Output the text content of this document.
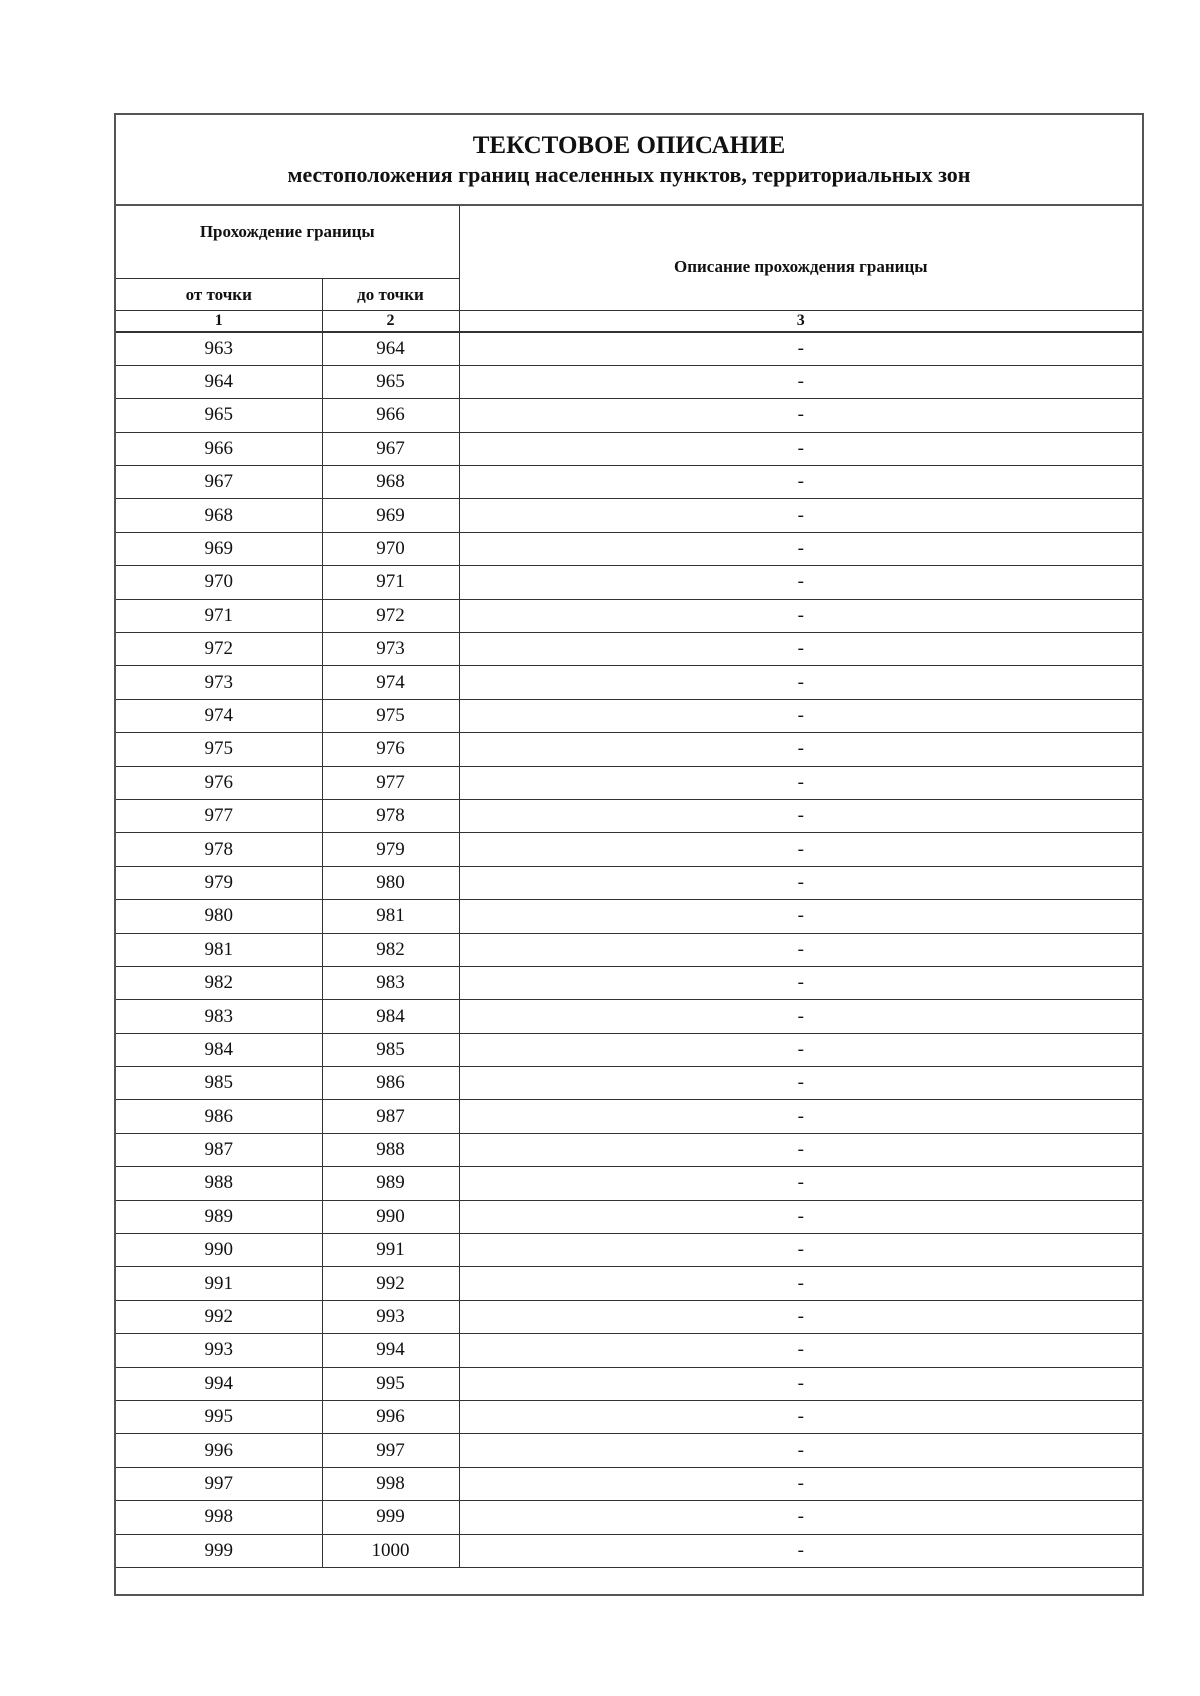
ТЕКСТОВОЕ ОПИСАНИЕ
местоположения границ населенных пунктов, территориальных зон
Прохождение границы		Описание прохождения границы
от точки	до точки	
1	2	3
963	964	-
964	965	-
965	966	-
966	967	-
967	968	-
968	969	-
969	970	-
970	971	-
971	972	-
972	973	-
973	974	-
974	975	-
975	976	-
976	977	-
977	978	-
978	979	-
979	980	-
980	981	-
981	982	-
982	983	-
983	984	-
984	985	-
985	986	-
986	987	-
987	988	-
988	989	-
989	990	-
990	991	-
991	992	-
992	993	-
993	994	-
994	995	-
995	996	-
996	997	-
997	998	-
998	999	-
999	1000	-
